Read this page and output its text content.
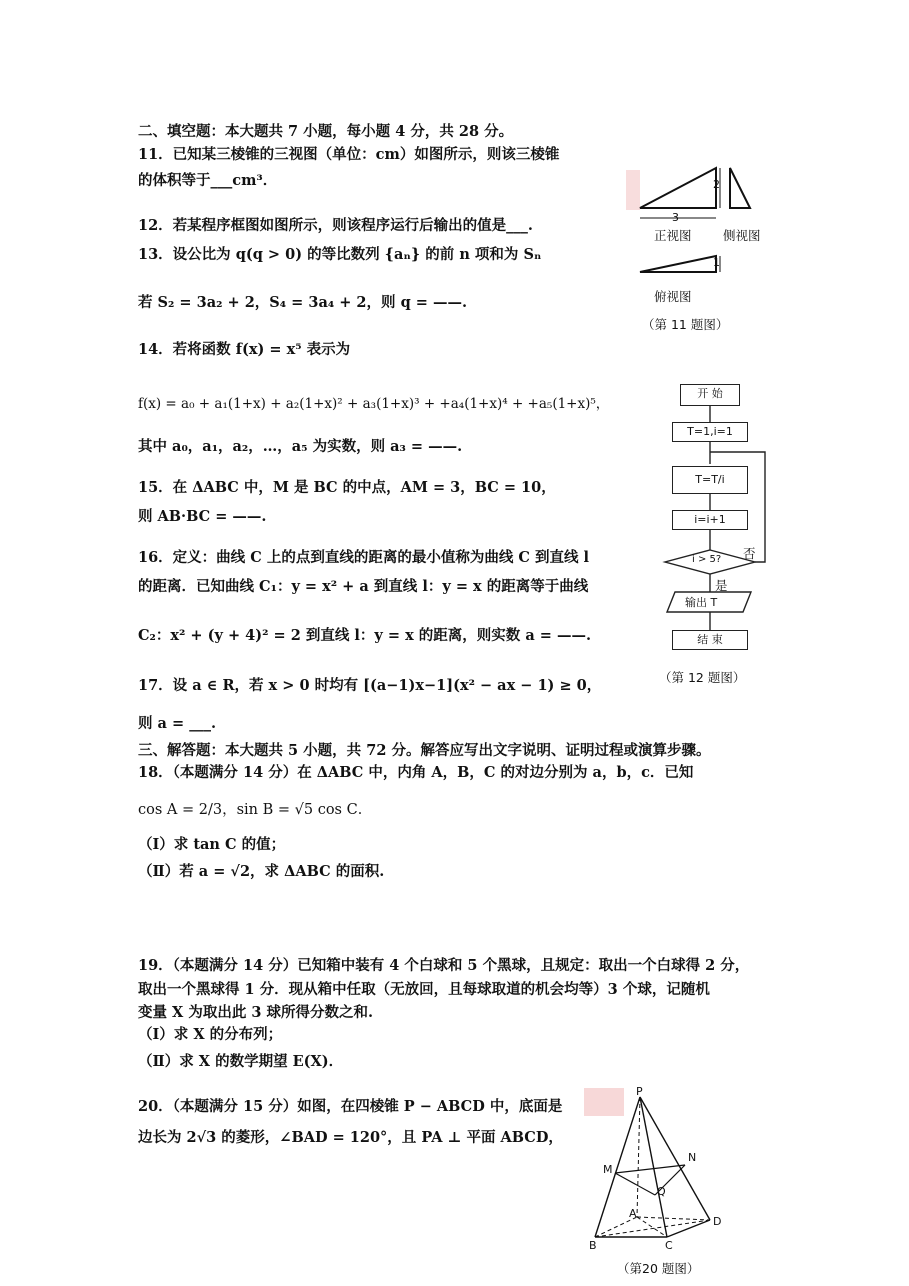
二、填空题：本大题共 7 小题，每小题 4 分，共 28 分。
11．已知某三棱锥的三视图（单位：cm）如图所示，则该三棱锥
的体积等于___cm³．
12．若某程序框图如图所示，则该程序运行后输出的值是___.
13．设公比为 q(q > 0) 的等比数列 {aₙ} 的前 n 项和为 Sₙ
若 S₂ = 3a₂ + 2，S₄ = 3a₄ + 2，则 q = ——.
14．若将函数 f(x) = x⁵ 表示为
f(x) = a₀ + a₁(1+x) + a₂(1+x)² + a₃(1+x)³ + +a₄(1+x)⁴ + +a₅(1+x)⁵，
其中 a₀，a₁，a₂，…，a₅ 为实数，则 a₃ = ——.
15．在 ΔABC 中，M 是 BC 的中点，AM = 3，BC = 10，
则 AB·BC = ——.
16．定义：曲线 C 上的点到直线的距离的最小值称为曲线 C 到直线 l
的距离．已知曲线 C₁：y = x² + a 到直线 l：y = x 的距离等于曲线
C₂：x² + (y + 4)² = 2 到直线 l：y = x 的距离，则实数 a = ——.
17．设 a ∈ R，若 x > 0 时均有 [(a−1)x−1](x² − ax − 1) ≥ 0，
则 a = ___.
三、解答题：本大题共 5 小题，共 72 分。解答应写出文字说明、证明过程或演算步骤。
18．（本题满分 14 分）在 ΔABC 中，内角 A，B，C 的对边分别为 a，b，c．已知
cos A = 2/3，sin B = √5 cos C．
（Ⅰ）求 tan C 的值；
（Ⅱ）若 a = √2，求 ΔABC 的面积.
19．（本题满分 14 分）已知箱中装有 4 个白球和 5 个黑球，且规定：取出一个白球得 2 分，
取出一个黑球得 1 分．现从箱中任取（无放回，且每球取道的机会均等）3 个球，记随机
变量 X 为取出此 3 球所得分数之和.
（Ⅰ）求 X 的分布列；
（Ⅱ）求 X 的数学期望 E(X)．
20．（本题满分 15 分）如图，在四棱锥 P − ABCD 中，底面是
边长为 2√3 的菱形，∠BAD = 120°，且 PA ⊥ 平面 ABCD，
2
3
1
正视图	侧视图
俯视图
（第 11 题图）
开 始
T=1,i=1
T=T/i
i=i+1
i > 5? 否
是
输出 T
结 束
（第 12 题图）
P
M
N
Q
A
B	C
D
（第20 题图）
